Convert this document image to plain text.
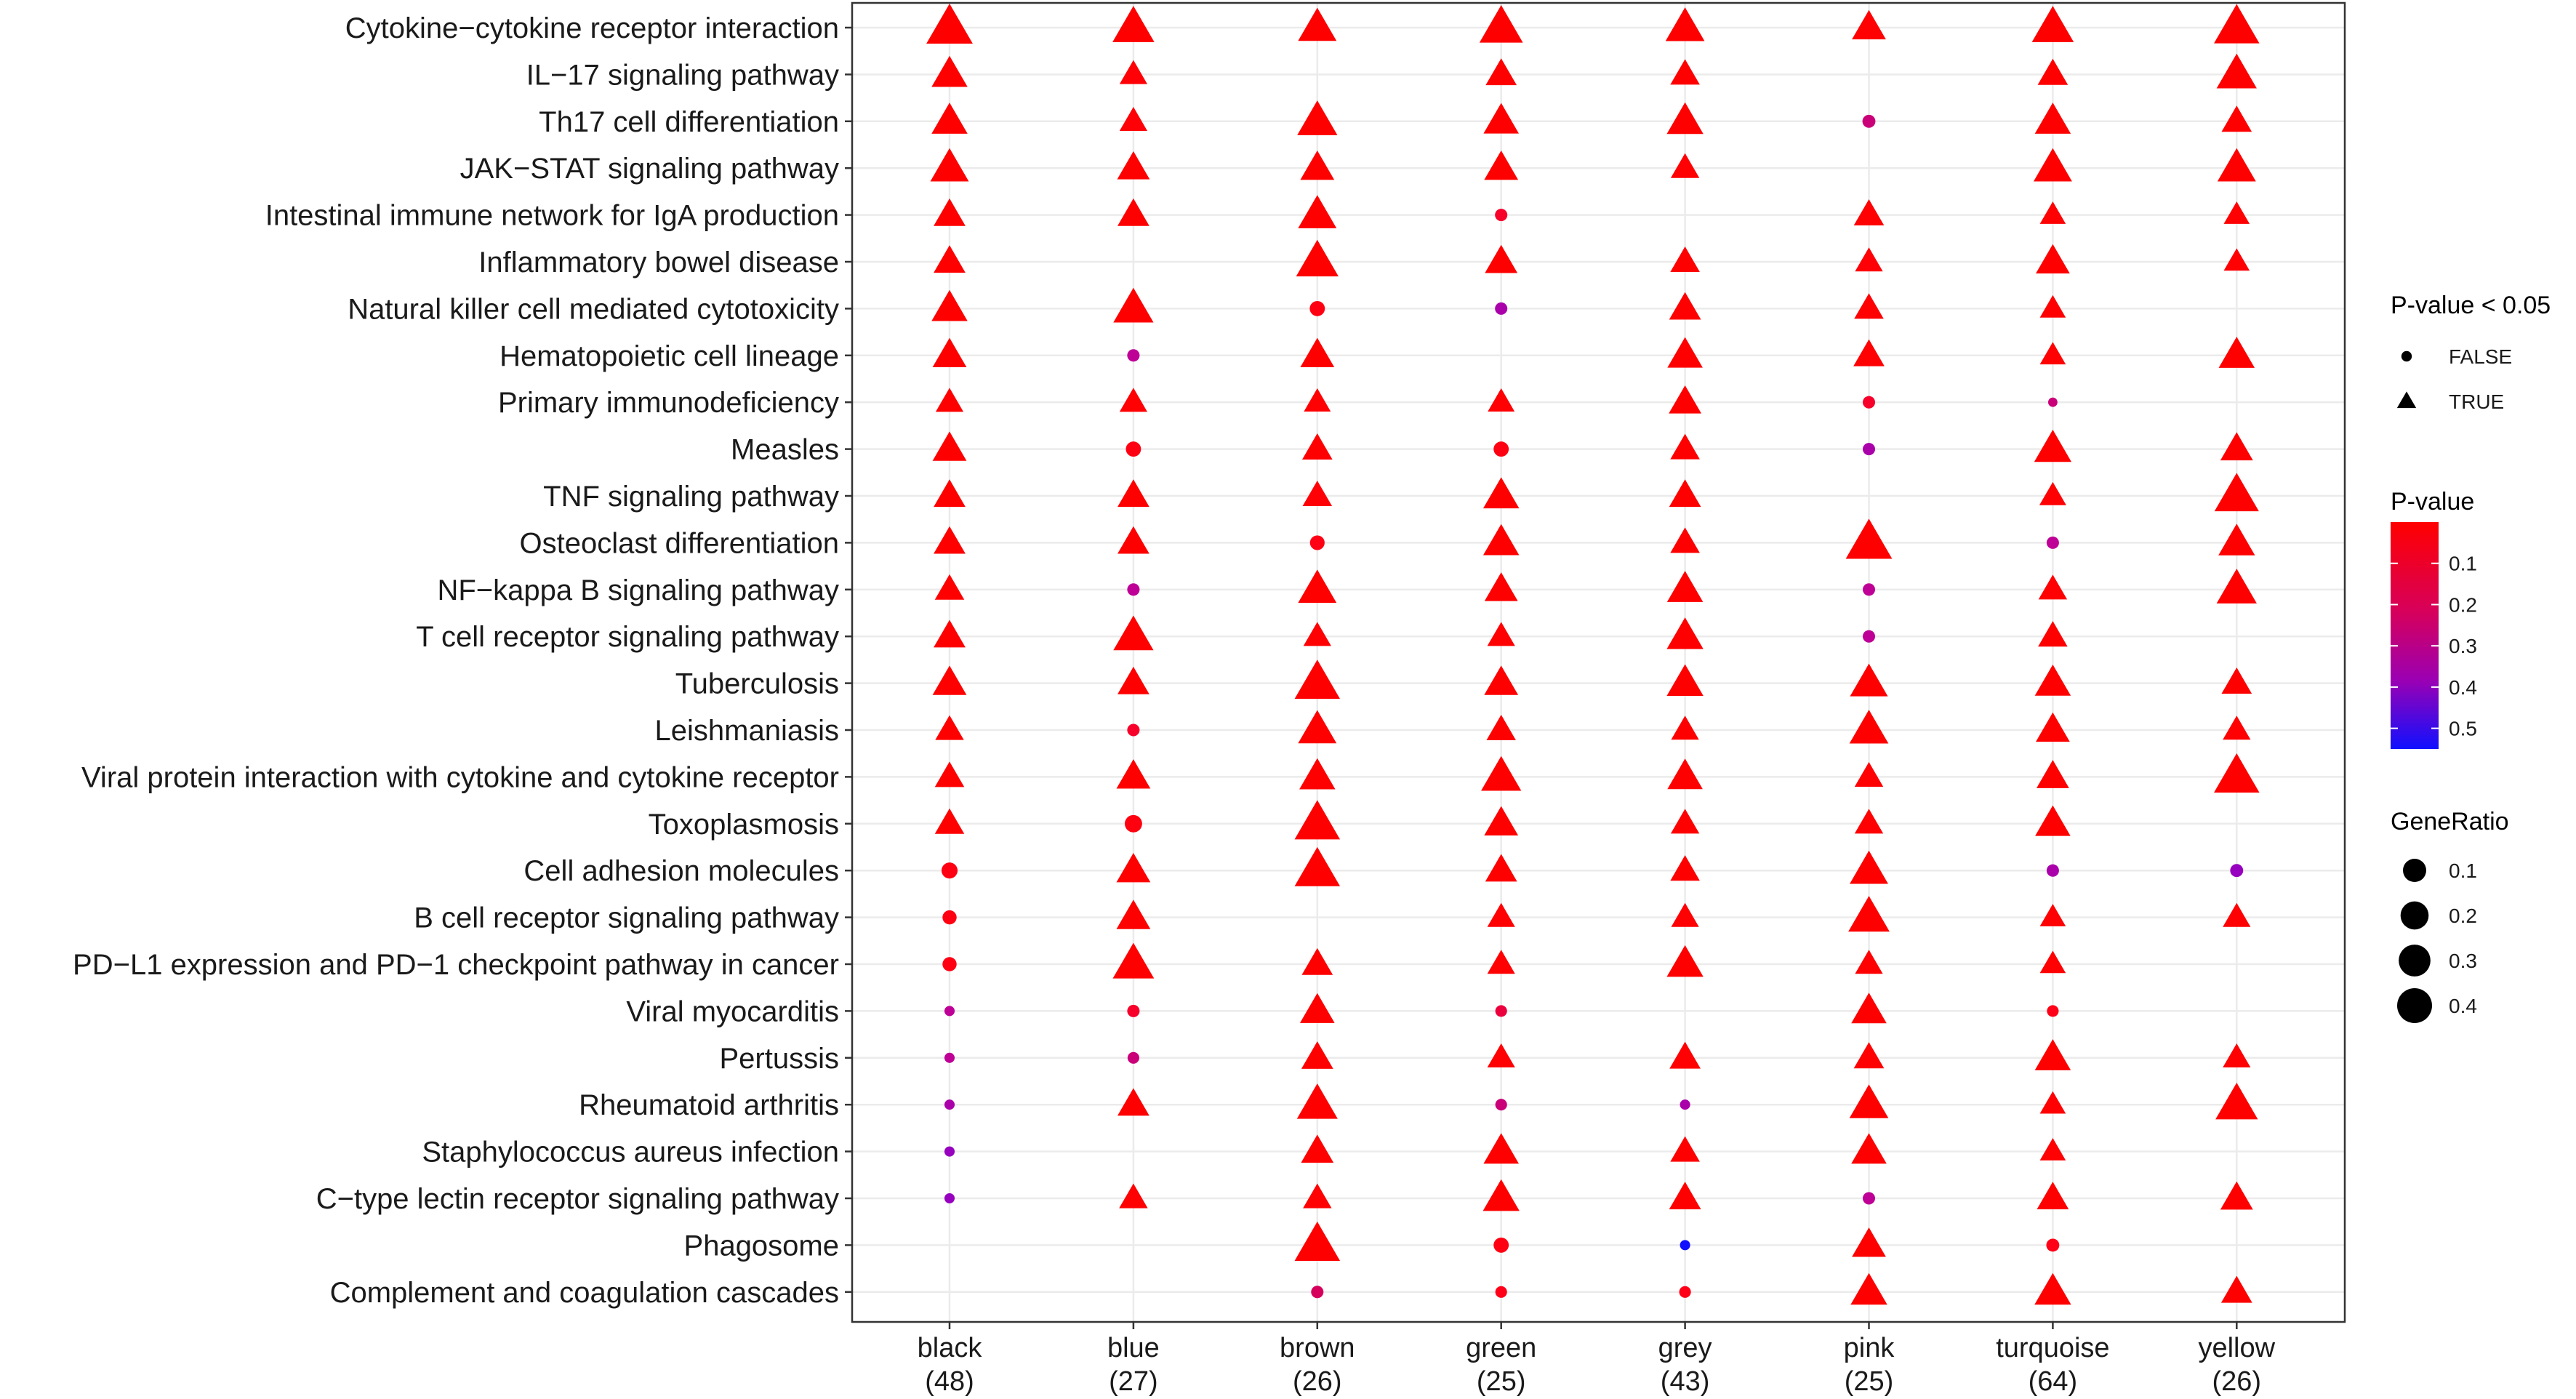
Cytokine−cytokine receptor interaction
IL−17 signaling pathway
Th17 cell differentiation
JAK−STAT signaling pathway
Intestinal immune network for IgA production
Inflammatory bowel disease
Natural killer cell mediated cytotoxicity
Hematopoietic cell lineage
Primary immunodeficiency
Measles
TNF signaling pathway
Osteoclast differentiation
NF−kappa B signaling pathway
T cell receptor signaling pathway
Tuberculosis
Leishmaniasis
Viral protein interaction with cytokine and cytokine receptor
Toxoplasmosis
Cell adhesion molecules
B cell receptor signaling pathway
PD−L1 expression and PD−1 checkpoint pathway in cancer
Viral myocarditis
Pertussis
Rheumatoid arthritis
Staphylococcus aureus infection
C−type lectin receptor signaling pathway
Phagosome
Complement and coagulation cascades
black
(48)
blue
(27)
brown
(26)
green
(25)
grey
(43)
pink
(25)
turquoise
(64)
yellow
(26)
P-value < 0.05
FALSE
TRUE
P-value
0.1
0.2
0.3
0.4
0.5
GeneRatio
0.1
0.2
0.3
0.4
